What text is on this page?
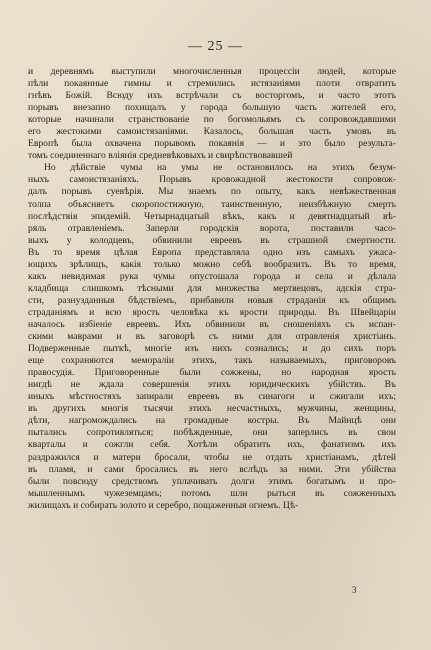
— 25 —
и деревнямъ выступили многочисленныя процессіи людей, которые
пѣли покаянные гимны и стремились истязаніями плоти отвратить
гнѣвъ Божій. Всюду ихъ встрѣчали съ восторгомъ, и часто этотъ
порывъ внезапно похищалъ у города большую часть жителей его,
которые начинали странствованіе по богомольямъ съ сопровождавшими
его жестокими самоистязаніями. Казалось, большая часть умовъ въ
Европѣ была охвачена порывомъ покаянія — и это было результа-
томъ соединеннаго вліянія средневѣковыхъ и свирѣпствовавшей
Но дѣйствіе чумы на умы не остановилось на этихъ безум-
ныхъ самоистязаніяхъ. Порывъ кровожадной жестокости сопровож-
далъ порывъ суевѣрія. Мы знаемъ по опыту, какъ невѣжественная
толпа объясняетъ скоропостижную, таинственную, неизбѣжную смерть
послѣдствія эпидемій. Четырнадцатый вѣкъ, какъ и девятнадцатый вѣ-
ряль отравленіемъ. Заперли городскія ворота, поставили часо-
выхъ у колодцевъ, обвинили евреевъ въ страшной смертности.
Въ то время цѣлая Европа представляла одно изъ самыхъ ужаса-
ющихъ зрѣлищъ, какія только можно себѣ вообразить. Въ то время,
какъ невидимая рука чумы опустошала города и села и дѣлала
кладбища слишкомъ тѣсными для множества мертвецовъ, адскія стра-
сти, разнузданныя бѣдствіемъ, прибавили новыя страданія къ общимъ
страданіямъ и всю ярость человѣка къ ярости природы. Въ Швейцаріи
началось избіеніе евреевъ. Ихъ обвинили въ сношеніяхъ съ испан-
скими маврами и въ заговорѣ съ ними для отравленія христіанъ.
Подверженные пыткѣ, многіе изъ нихъ сознались; и до сихъ поръ
еще сохраняются мемораліи этихъ, такъ называемыхъ, приговоровъ
правосудія. Приговоренные были сожжены, но народная ярость
нигдѣ не ждала совершенія этихъ юридическихъ убійствъ. Въ
иныхъ мѣстностяхъ запирали евреевъ въ синагоги и сжигали ихъ;
въ другихъ многія тысячи этихъ несчастныхъ, мужчины, женщины,
дѣти, нагромождались на громадные костры. Въ Майнцѣ они
пытались сопротивляться; побѣжденные, они заперлись въ свои
кварталы и сожгли себя. Хотѣли обратить ихъ, фанатизмъ ихъ
раздражился и матери бросали, чтобы не отдать христіанамъ, дѣтей
въ пламя, и сами бросались въ него вслѣдъ за ними. Эти убійства
были повсюду средствомъ уплачивать долги этимъ богатымъ и про-
мышленнымъ чужеземцамъ; потомъ шли рыться въ сожженныхъ
жилищахъ и собирать золото и серебро, пощаженныя огнемъ. Цѣ-
3
